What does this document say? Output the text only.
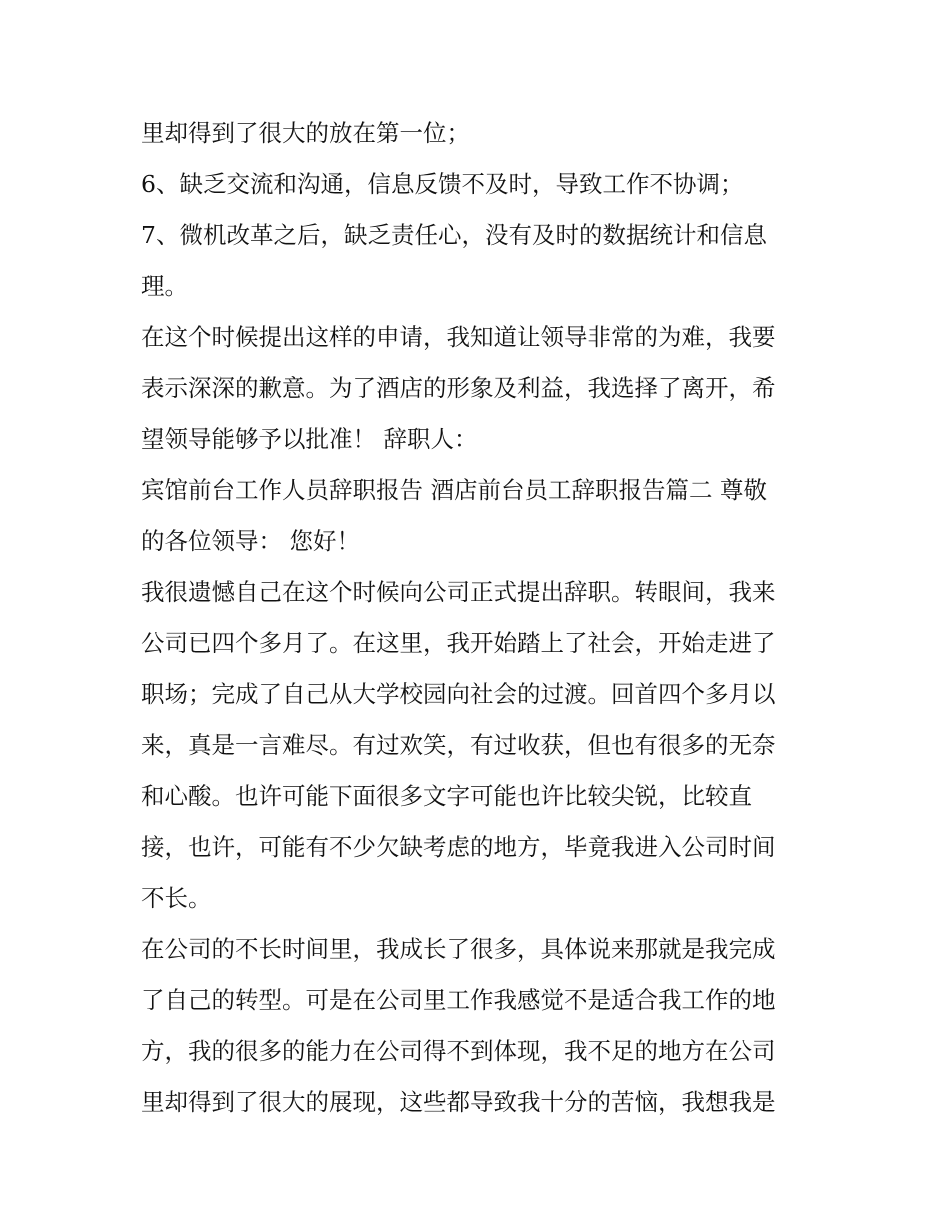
里却得到了很大的放在第一位；

6、缺乏交流和沟通，信息反馈不及时，导致工作不协调；

7、微机改革之后，缺乏责任心，没有及时的数据统计和信息

理。

在这个时候提出这样的申请，我知道让领导非常的为难，我要

表示深深的歉意。为了酒店的形象及利益，我选择了离开，希

望领导能够予以批准！ 辞职人：

宾馆前台工作人员辞职报告 酒店前台员工辞职报告篇二 尊敬

的各位领导： 您好！

我很遗憾自己在这个时候向公司正式提出辞职。转眼间，我来

公司已四个多月了。在这里，我开始踏上了社会，开始走进了

职场；完成了自己从大学校园向社会的过渡。回首四个多月以

来，真是一言难尽。有过欢笑，有过收获，但也有很多的无奈

和心酸。也许可能下面很多文字可能也许比较尖锐，比较直

接，也许，可能有不少欠缺考虑的地方，毕竟我进入公司时间

不长。

在公司的不长时间里，我成长了很多，具体说来那就是我完成

了自己的转型。可是在公司里工作我感觉不是适合我工作的地

方，我的很多的能力在公司得不到体现，我不足的地方在公司

里却得到了很大的展现，这些都导致我十分的苦恼，我想我是
